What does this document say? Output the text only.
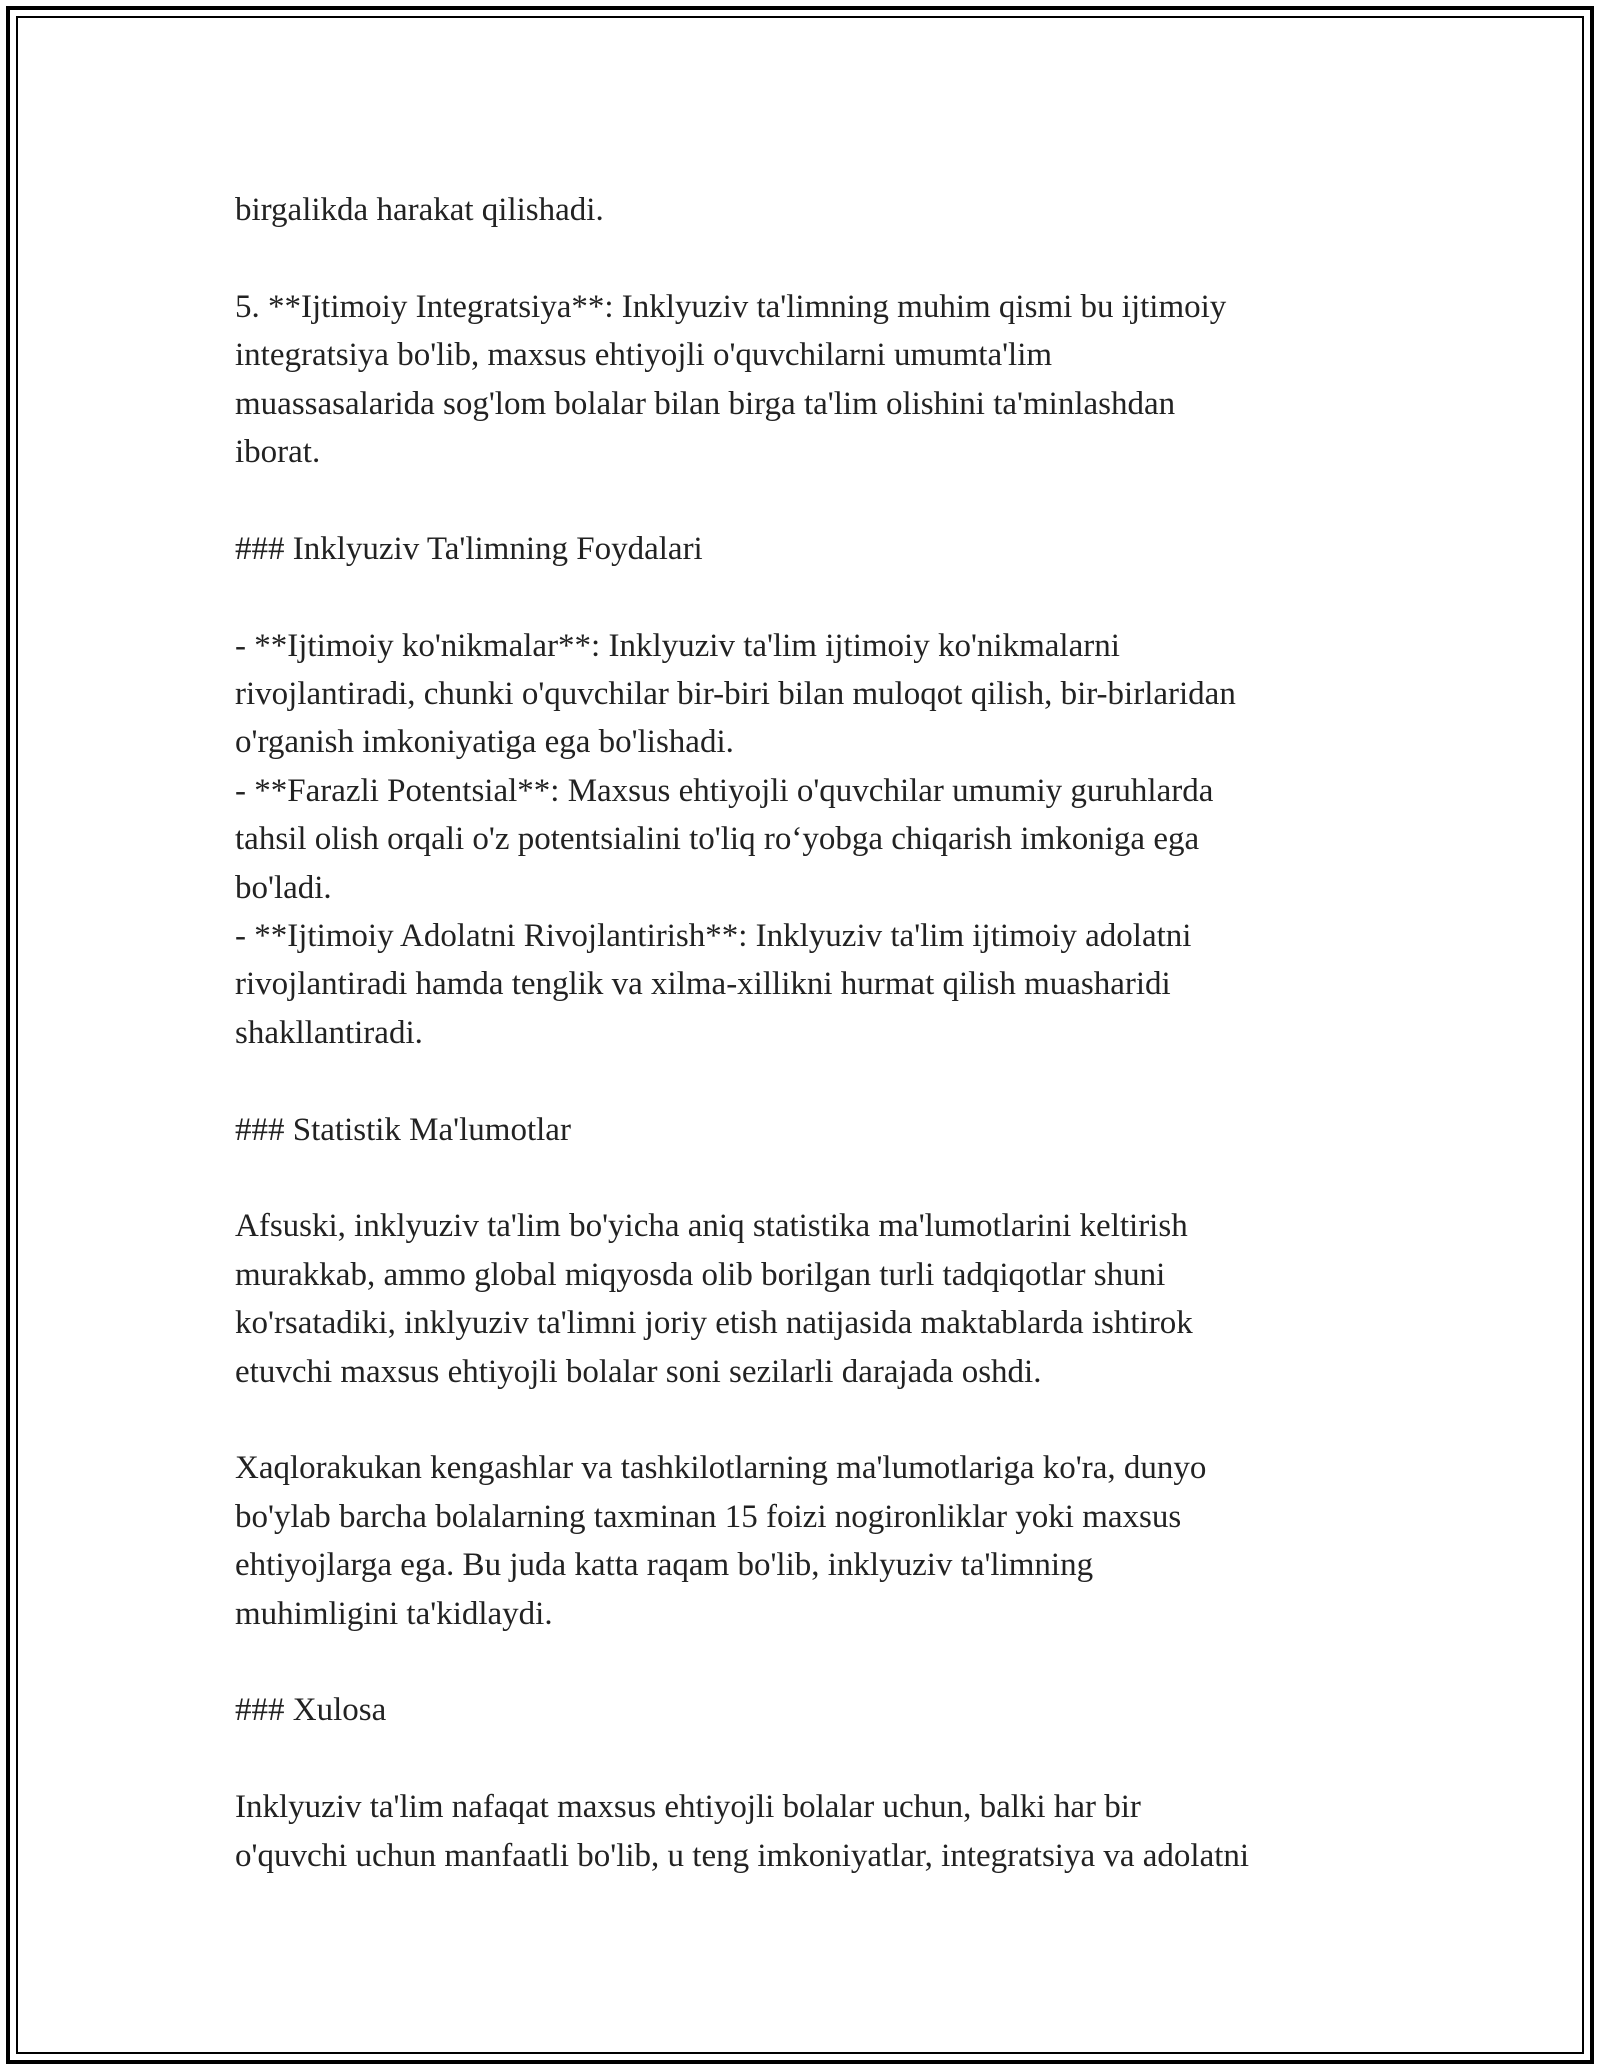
birgalikda harakat qilishadi.

5. **Ijtimoiy Integratsiya**: Inklyuziv ta'limning muhim qismi bu ijtimoiy
integratsiya bo'lib, maxsus ehtiyojli o'quvchilarni umumta'lim
muassasalarida sog'lom bolalar bilan birga ta'lim olishini ta'minlashdan
iborat.

### Inklyuziv Ta'limning Foydalari

- **Ijtimoiy ko'nikmalar**: Inklyuziv ta'lim ijtimoiy ko'nikmalarni
rivojlantiradi, chunki o'quvchilar bir-biri bilan muloqot qilish, bir-birlaridan
o'rganish imkoniyatiga ega bo'lishadi.

- **Farazli Potentsial**: Maxsus ehtiyojli o'quvchilar umumiy guruhlarda
tahsil olish orqali o'z potentsialini to'liq ro‘yobga chiqarish imkoniga ega
bo'ladi.

- **Ijtimoiy Adolatni Rivojlantirish**: Inklyuziv ta'lim ijtimoiy adolatni
rivojlantiradi hamda tenglik va xilma-xillikni hurmat qilish muasharidi
shakllantiradi.

### Statistik Ma'lumotlar

Afsuski, inklyuziv ta'lim bo'yicha aniq statistika ma'lumotlarini keltirish
murakkab, ammo global miqyosda olib borilgan turli tadqiqotlar shuni
ko'rsatadiki, inklyuziv ta'limni joriy etish natijasida maktablarda ishtirok
etuvchi maxsus ehtiyojli bolalar soni sezilarli darajada oshdi.

Xaqlorakukan kengashlar va tashkilotlarning ma'lumotlariga ko'ra, dunyo
bo'ylab barcha bolalarning taxminan 15 foizi nogironliklar yoki maxsus
ehtiyojlarga ega. Bu juda katta raqam bo'lib, inklyuziv ta'limning
muhimligini ta'kidlaydi.

### Xulosa

Inklyuziv ta'lim nafaqat maxsus ehtiyojli bolalar uchun, balki har bir
o'quvchi uchun manfaatli bo'lib, u teng imkoniyatlar, integratsiya va adolatni
